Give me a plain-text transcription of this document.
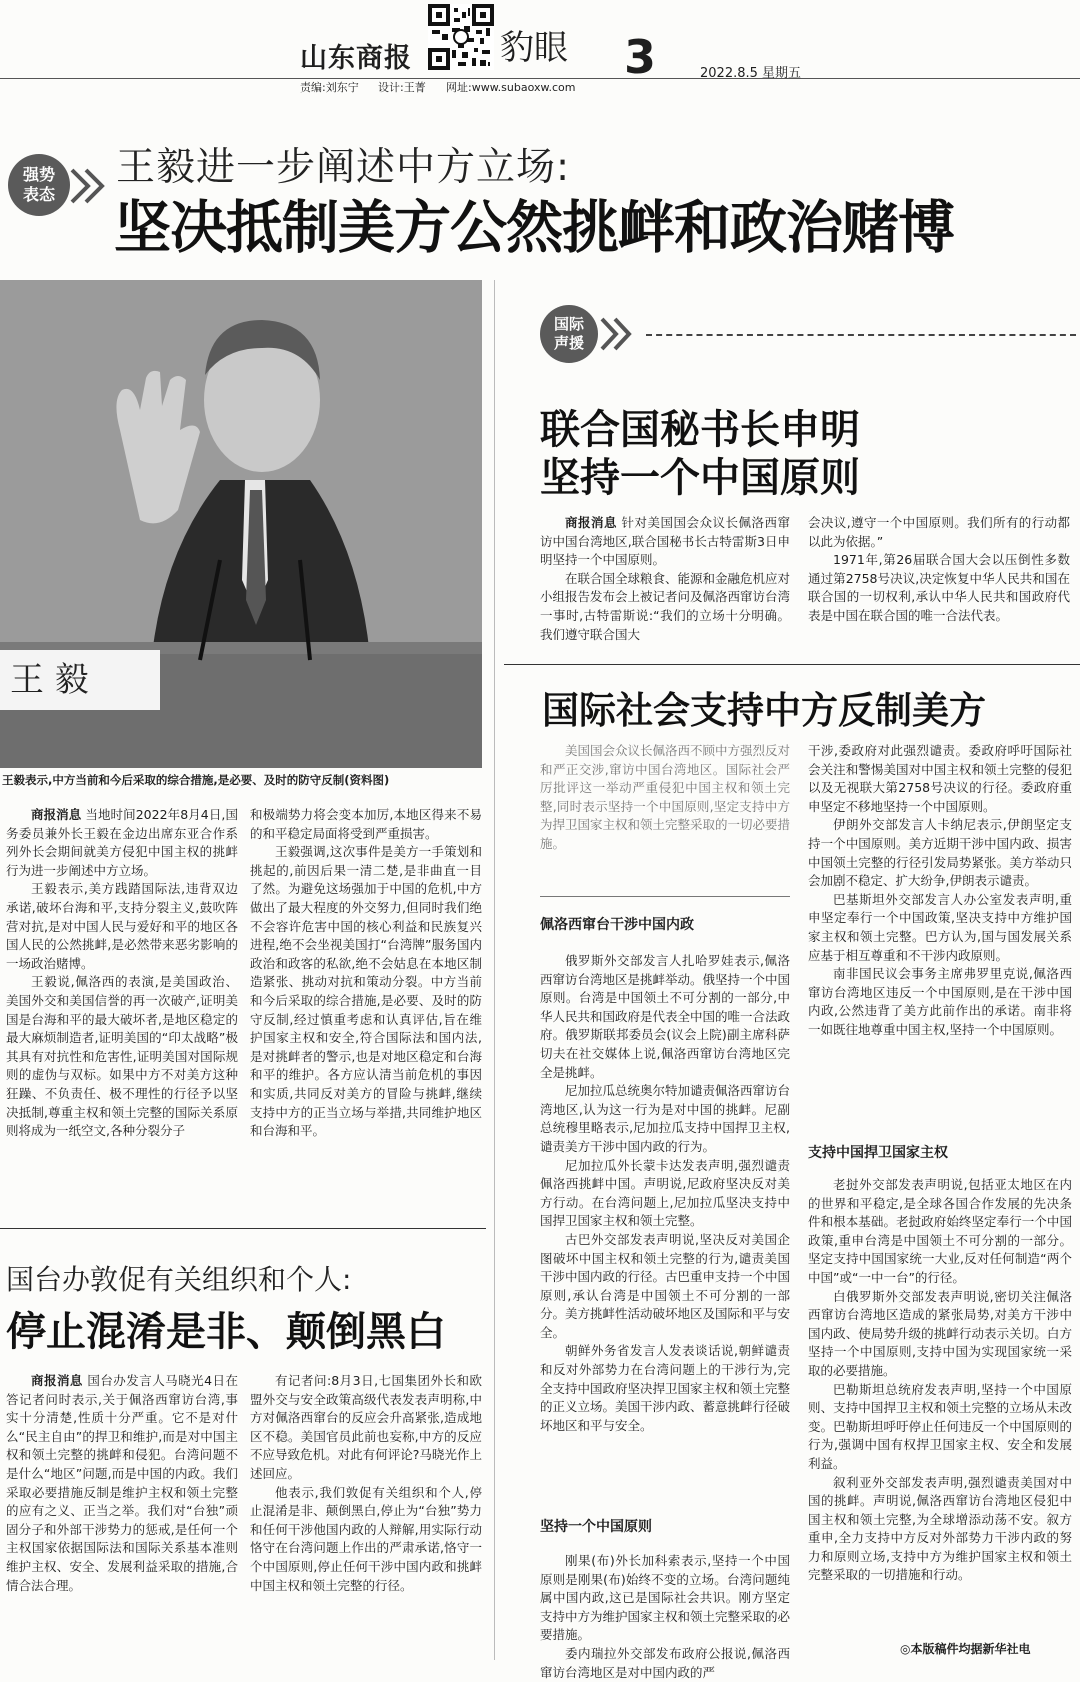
山东商报	豹眼 3	2022.8.5 星期五
责编:刘东宁 设计:王菁 网址:www.subaoxw.com
强势
表态
王毅进一步阐述中方立场:
坚决抵制美方公然挑衅和政治赌博
王 毅
王毅表示,中方当前和今后采取的综合措施,是必要、及时的防守反制(资料图)

商报消息 当地时间2022年8月4日,国务委员兼外长王毅在金边出席东亚合作系列外长会期间就美方侵犯中国主权的挑衅行为进一步阐述中方立场。

王毅表示,美方践踏国际法,违背双边承诺,破坏台海和平,支持分裂主义,鼓吹阵营对抗,是对中国人民与爱好和平的地区各国人民的公然挑衅,是必然带来恶劣影响的一场政治赌博。

王毅说,佩洛西的表演,是美国政治、美国外交和美国信誉的再一次破产,证明美国是台海和平的最大破坏者,是地区稳定的最大麻烦制造者,证明美国的“印太战略”极其具有对抗性和危害性,证明美国对国际规则的虚伪与双标。如果中方不对美方这种狂躁、不负责任、极不理性的行径予以坚决抵制,尊重主权和领土完整的国际关系原则将成为一纸空文,各种分裂分子

和极端势力将会变本加厉,本地区得来不易的和平稳定局面将受到严重损害。

王毅强调,这次事件是美方一手策划和挑起的,前因后果一清二楚,是非曲直一目了然。为避免这场强加于中国的危机,中方做出了最大程度的外交努力,但同时我们绝不会容许危害中国的核心利益和民族复兴进程,绝不会坐视美国打“台湾牌”服务国内政治和政客的私欲,绝不会姑息在本地区制造紧张、挑动对抗和策动分裂。中方当前和今后采取的综合措施,是必要、及时的防守反制,经过慎重考虑和认真评估,旨在维护国家主权和安全,符合国际法和国内法,是对挑衅者的警示,也是对地区稳定和台海和平的维护。各方应认清当前危机的事因和实质,共同反对美方的冒险与挑衅,继续支持中方的正当立场与举措,共同维护地区和台海和平。

国台办敦促有关组织和个人:
停止混淆是非、颠倒黑白

商报消息 国台办发言人马晓光4日在答记者问时表示,关于佩洛西窜访台湾,事实十分清楚,性质十分严重。它不是对什么“民主自由”的捍卫和维护,而是对中国主权和领土完整的挑衅和侵犯。台湾问题不是什么“地区”问题,而是中国的内政。我们采取必要措施反制是维护主权和领土完整的应有之义、正当之举。我们对“台独”顽固分子和外部干涉势力的惩戒,是任何一个主权国家依据国际法和国际关系基本准则维护主权、安全、发展利益采取的措施,合情合法合理。

有记者问:8月3日,七国集团外长和欧盟外交与安全政策高级代表发表声明称,中方对佩洛西窜台的反应会升高紧张,造成地区不稳。美国官员此前也妄称,中方的反应不应导致危机。对此有何评论?马晓光作上述回应。

他表示,我们敦促有关组织和个人,停止混淆是非、颠倒黑白,停止为“台独”势力和任何干涉他国内政的人辩解,用实际行动恪守在台湾问题上作出的严肃承诺,恪守一个中国原则,停止任何干涉中国内政和挑衅中国主权和领土完整的行径。

国际
声援
联合国秘书长申明
坚持一个中国原则

商报消息 针对美国国会众议长佩洛西窜访中国台湾地区,联合国秘书长古特雷斯3日申明坚持一个中国原则。

在联合国全球粮食、能源和金融危机应对小组报告发布会上被记者问及佩洛西窜访台湾一事时,古特雷斯说:“我们的立场十分明确。我们遵守联合国大

会决议,遵守一个中国原则。我们所有的行动都以此为依据。”

1971年,第26届联合国大会以压倒性多数通过第2758号决议,决定恢复中华人民共和国在联合国的一切权利,承认中华人民共和国政府代表是中国在联合国的唯一合法代表。

国际社会支持中方反制美方
美国国会众议长佩洛西不顾中方强烈反对和严正交涉,窜访中国台湾地区。国际社会严厉批评这一举动严重侵犯中国主权和领土完整,同时表示坚持一个中国原则,坚定支持中方为捍卫国家主权和领土完整采取的一切必要措施。
佩洛西窜台干涉中国内政

俄罗斯外交部发言人扎哈罗娃表示,佩洛西窜访台湾地区是挑衅举动。俄坚持一个中国原则。台湾是中国领土不可分割的一部分,中华人民共和国政府是代表全中国的唯一合法政府。俄罗斯联邦委员会(议会上院)副主席科萨切夫在社交媒体上说,佩洛西窜访台湾地区完全是挑衅。

尼加拉瓜总统奥尔特加谴责佩洛西窜访台湾地区,认为这一行为是对中国的挑衅。尼副总统穆里略表示,尼加拉瓜支持中国捍卫主权,谴责美方干涉中国内政的行为。

尼加拉瓜外长蒙卡达发表声明,强烈谴责佩洛西挑衅中国。声明说,尼政府坚决反对美方行动。在台湾问题上,尼加拉瓜坚决支持中国捍卫国家主权和领土完整。

古巴外交部发表声明说,坚决反对美国企图破坏中国主权和领土完整的行为,谴责美国干涉中国内政的行径。古巴重申支持一个中国原则,承认台湾是中国领土不可分割的一部分。美方挑衅性活动破坏地区及国际和平与安全。

朝鲜外务省发言人发表谈话说,朝鲜谴责和反对外部势力在台湾问题上的干涉行为,完全支持中国政府坚决捍卫国家主权和领土完整的正义立场。美国干涉内政、蓄意挑衅行径破坏地区和平与安全。

坚持一个中国原则

刚果(布)外长加科索表示,坚持一个中国原则是刚果(布)始终不变的立场。台湾问题纯属中国内政,这已是国际社会共识。刚方坚定支持中方为维护国家主权和领土完整采取的必要措施。

委内瑞拉外交部发布政府公报说,佩洛西窜访台湾地区是对中国内政的严

干涉,委政府对此强烈谴责。委政府呼吁国际社会关注和警惕美国对中国主权和领土完整的侵犯以及无视联大第2758号决议的行径。委政府重申坚定不移地坚持一个中国原则。

伊朗外交部发言人卡纳尼表示,伊朗坚定支持一个中国原则。美方近期干涉中国内政、损害中国领土完整的行径引发局势紧张。美方举动只会加剧不稳定、扩大纷争,伊朗表示谴责。

巴基斯坦外交部发言人办公室发表声明,重申坚定奉行一个中国政策,坚决支持中方维护国家主权和领土完整。巴方认为,国与国发展关系应基于相互尊重和不干涉内政原则。

南非国民议会事务主席弗罗里克说,佩洛西窜访台湾地区违反一个中国原则,是在干涉中国内政,公然违背了美方此前作出的承诺。南非将一如既往地尊重中国主权,坚持一个中国原则。

支持中国捍卫国家主权

老挝外交部发表声明说,包括亚太地区在内的世界和平稳定,是全球各国合作发展的先决条件和根本基础。老挝政府始终坚定奉行一个中国政策,重申台湾是中国领土不可分割的一部分。坚定支持中国国家统一大业,反对任何制造“两个中国”或“一中一台”的行径。

白俄罗斯外交部发表声明说,密切关注佩洛西窜访台湾地区造成的紧张局势,对美方干涉中国内政、使局势升级的挑衅行动表示关切。白方坚持一个中国原则,支持中国为实现国家统一采取的必要措施。

巴勒斯坦总统府发表声明,坚持一个中国原则、支持中国捍卫主权和领土完整的立场从未改变。巴勒斯坦呼吁停止任何违反一个中国原则的行为,强调中国有权捍卫国家主权、安全和发展利益。

叙利亚外交部发表声明,强烈谴责美国对中国的挑衅。声明说,佩洛西窜访台湾地区侵犯中国主权和领土完整,为全球增添动荡不安。叙方重申,全力支持中方反对外部势力干涉内政的努力和原则立场,支持中方为维护国家主权和领土完整采取的一切措施和行动。

◎本版稿件均据新华社电
